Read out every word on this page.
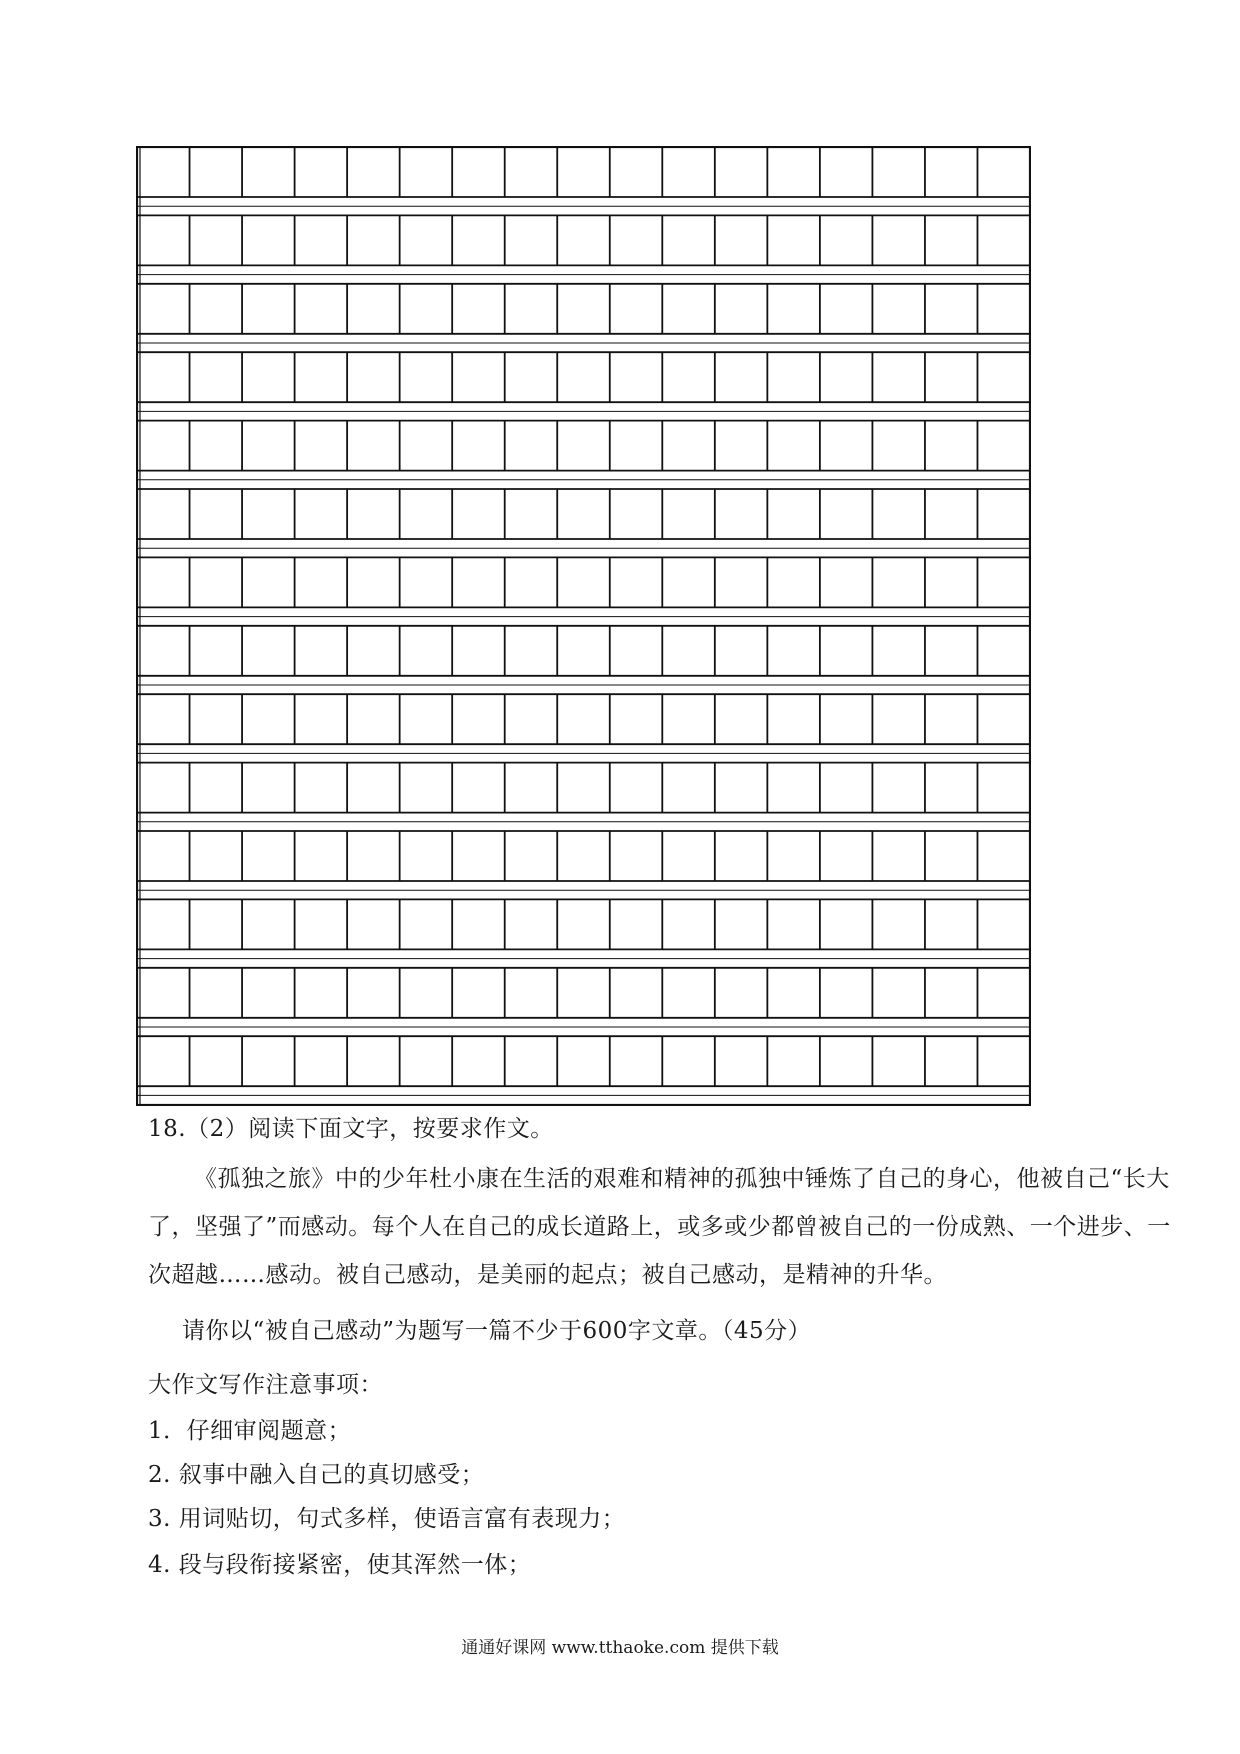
18.（2）阅读下面文字，按要求作文。
《孤独之旅》中的少年杜小康在生活的艰难和精神的孤独中锤炼了自己的身心，他被自己“长大
了，坚强了”而感动。每个人在自己的成长道路上，或多或少都曾被自己的一份成熟、一个进步、一
次超越……感动。被自己感动，是美丽的起点；被自己感动，是精神的升华。
请你以“被自己感动”为题写一篇不少于600字文章。（45分）
大作文写作注意事项：
1．仔细审阅题意；
2. 叙事中融入自己的真切感受；
3. 用词贴切，句式多样，使语言富有表现力；
4. 段与段衔接紧密，使其浑然一体；
通通好课网 www.tthaoke.com 提供下载
